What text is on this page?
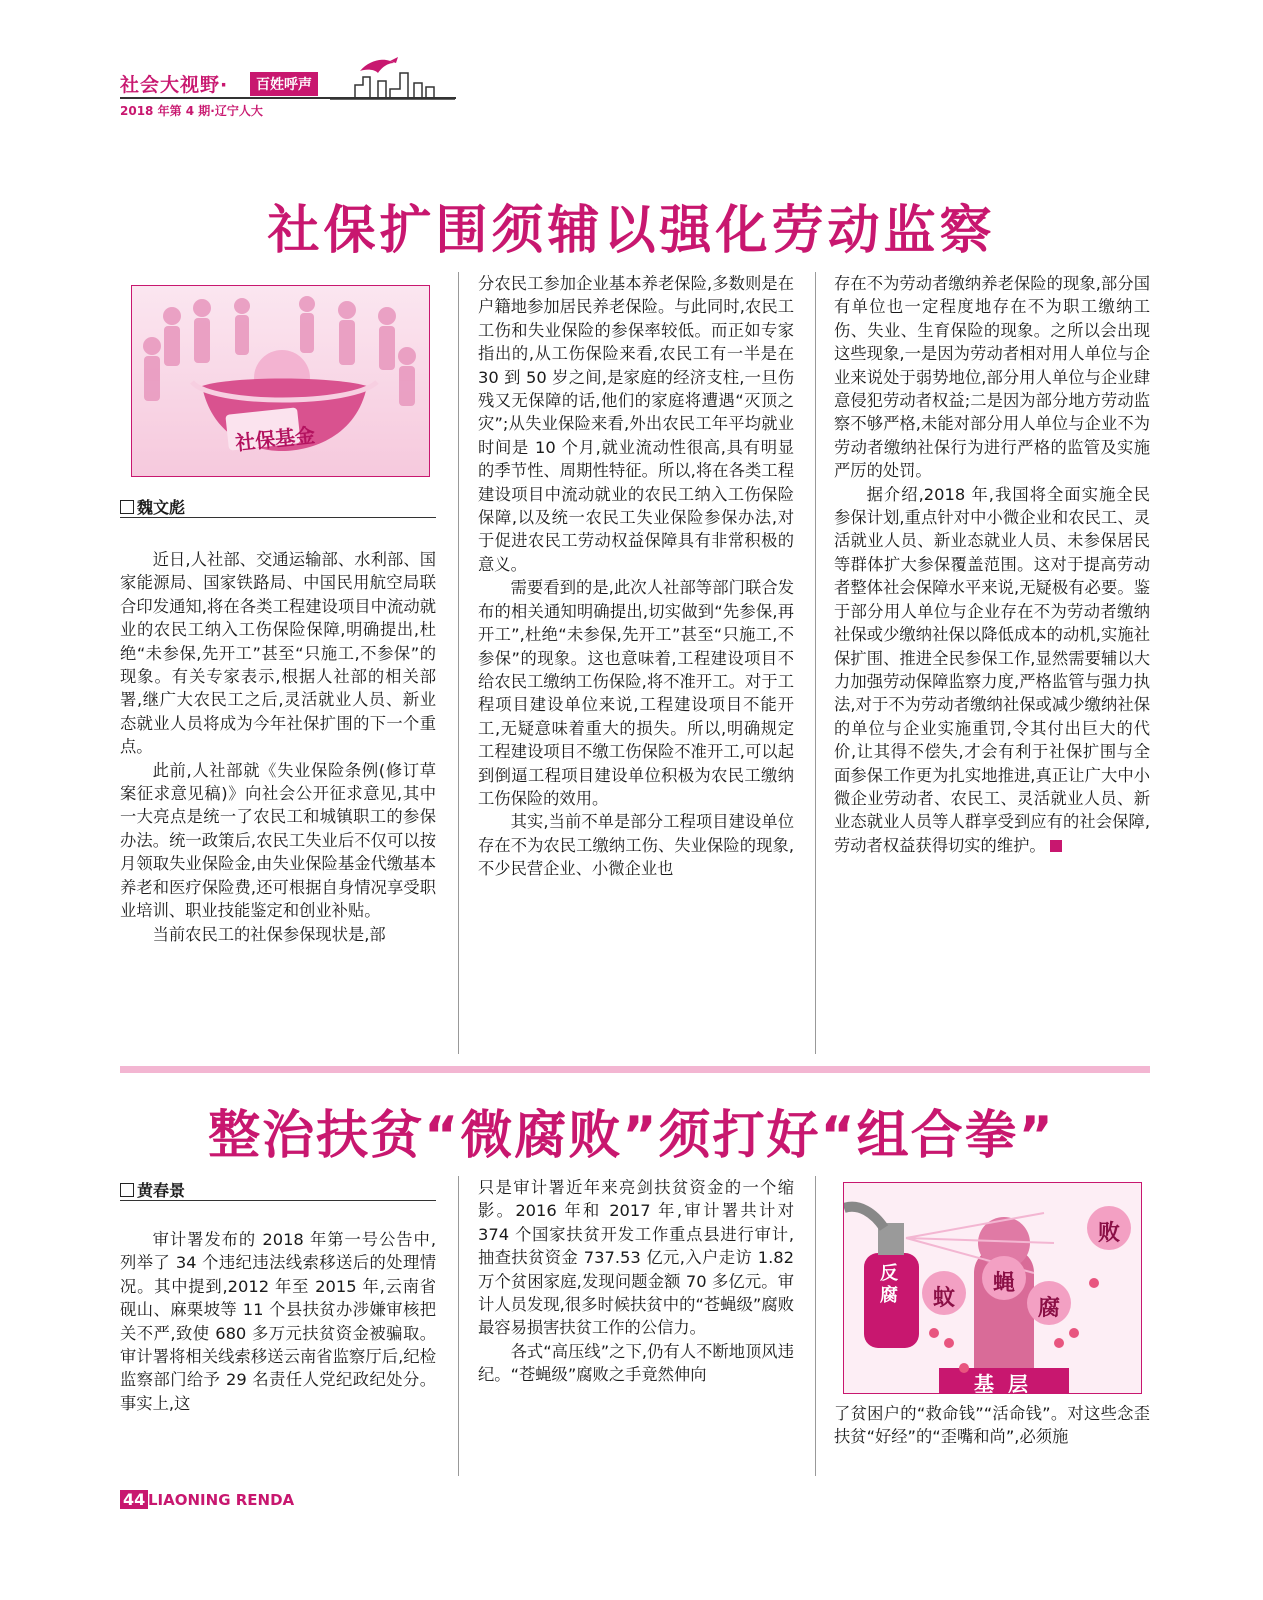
社会大视野·	百姓呼声
2018 年第 4 期·辽宁人大
社保扩围须辅以强化劳动监察
社保基金
魏文彪

近日,人社部、交通运输部、水利部、国家能源局、国家铁路局、中国民用航空局联合印发通知,将在各类工程建设项目中流动就业的农民工纳入工伤保险保障,明确提出,杜绝“未参保,先开工”甚至“只施工,不参保”的现象。有关专家表示,根据人社部的相关部署,继广大农民工之后,灵活就业人员、新业态就业人员将成为今年社保扩围的下一个重点。

此前,人社部就《失业保险条例(修订草案征求意见稿)》向社会公开征求意见,其中一大亮点是统一了农民工和城镇职工的参保办法。统一政策后,农民工失业后不仅可以按月领取失业保险金,由失业保险基金代缴基本养老和医疗保险费,还可根据自身情况享受职业培训、职业技能鉴定和创业补贴。

当前农民工的社保参保现状是,部

分农民工参加企业基本养老保险,多数则是在户籍地参加居民养老保险。与此同时,农民工工伤和失业保险的参保率较低。而正如专家指出的,从工伤保险来看,农民工有一半是在 30 到 50 岁之间,是家庭的经济支柱,一旦伤残又无保障的话,他们的家庭将遭遇“灭顶之灾”;从失业保险来看,外出农民工年平均就业时间是 10 个月,就业流动性很高,具有明显的季节性、周期性特征。所以,将在各类工程建设项目中流动就业的农民工纳入工伤保险保障,以及统一农民工失业保险参保办法,对于促进农民工劳动权益保障具有非常积极的意义。

需要看到的是,此次人社部等部门联合发布的相关通知明确提出,切实做到“先参保,再开工”,杜绝“未参保,先开工”甚至“只施工,不参保”的现象。这也意味着,工程建设项目不给农民工缴纳工伤保险,将不准开工。对于工程项目建设单位来说,工程建设项目不能开工,无疑意味着重大的损失。所以,明确规定工程建设项目不缴工伤保险不准开工,可以起到倒逼工程项目建设单位积极为农民工缴纳工伤保险的效用。

其实,当前不单是部分工程项目建设单位存在不为农民工缴纳工伤、失业保险的现象,不少民营企业、小微企业也

存在不为劳动者缴纳养老保险的现象,部分国有单位也一定程度地存在不为职工缴纳工伤、失业、生育保险的现象。之所以会出现这些现象,一是因为劳动者相对用人单位与企业来说处于弱势地位,部分用人单位与企业肆意侵犯劳动者权益;二是因为部分地方劳动监察不够严格,未能对部分用人单位与企业不为劳动者缴纳社保行为进行严格的监管及实施严厉的处罚。

据介绍,2018 年,我国将全面实施全民参保计划,重点针对中小微企业和农民工、灵活就业人员、新业态就业人员、未参保居民等群体扩大参保覆盖范围。这对于提高劳动者整体社会保障水平来说,无疑极有必要。鉴于部分用人单位与企业存在不为劳动者缴纳社保或少缴纳社保以降低成本的动机,实施社保扩围、推进全民参保工作,显然需要辅以大力加强劳动保障监察力度,严格监管与强力执法,对于不为劳动者缴纳社保或减少缴纳社保的单位与企业实施重罚,令其付出巨大的代价,让其得不偿失,才会有利于社保扩围与全面参保工作更为扎实地推进,真正让广大中小微企业劳动者、农民工、灵活就业人员、新业态就业人员等人群享受到应有的社会保障,劳动者权益获得切实的维护。

整治扶贫“微腐败”须打好“组合拳”
黄春景

审计署发布的 2018 年第一号公告中,列举了 34 个违纪违法线索移送后的处理情况。其中提到,2012 年至 2015 年,云南省砚山、麻栗坡等 11 个县扶贫办涉嫌审核把关不严,致使 680 多万元扶贫资金被骗取。审计署将相关线索移送云南省监察厅后,纪检监察部门给予 29 名责任人党纪政纪处分。事实上,这

只是审计署近年来亮剑扶贫资金的一个缩影。2016 年和 2017 年,审计署共计对 374 个国家扶贫开发工作重点县进行审计,抽查扶贫资金 737.53 亿元,入户走访 1.82 万个贫困家庭,发现问题金额 70 多亿元。审计人员发现,很多时候扶贫中的“苍蝇级”腐败最容易损害扶贫工作的公信力。

各式“高压线”之下,仍有人不断地顶风违纪。“苍蝇级”腐败之手竟然伸向

反腐 蚊
蝇
腐
败
基层

了贫困户的“救命钱”“活命钱”。对这些念歪扶贫“好经”的“歪嘴和尚”,必须施

44 LIAONING RENDA
